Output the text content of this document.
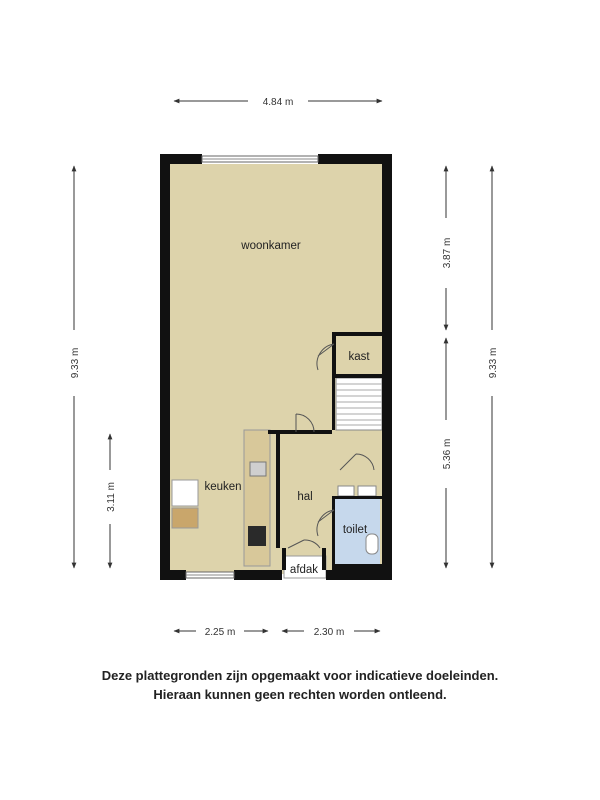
4.84 m
9.33 m
3.11 m
3.87 m
5.36 m
9.33 m
2.25 m	2.30 m
woonkamer
kast
keuken
hal
toilet
afdak
Deze plattegronden zijn opgemaakt voor indicatieve doeleinden.
Hieraan kunnen geen rechten worden ontleend.
